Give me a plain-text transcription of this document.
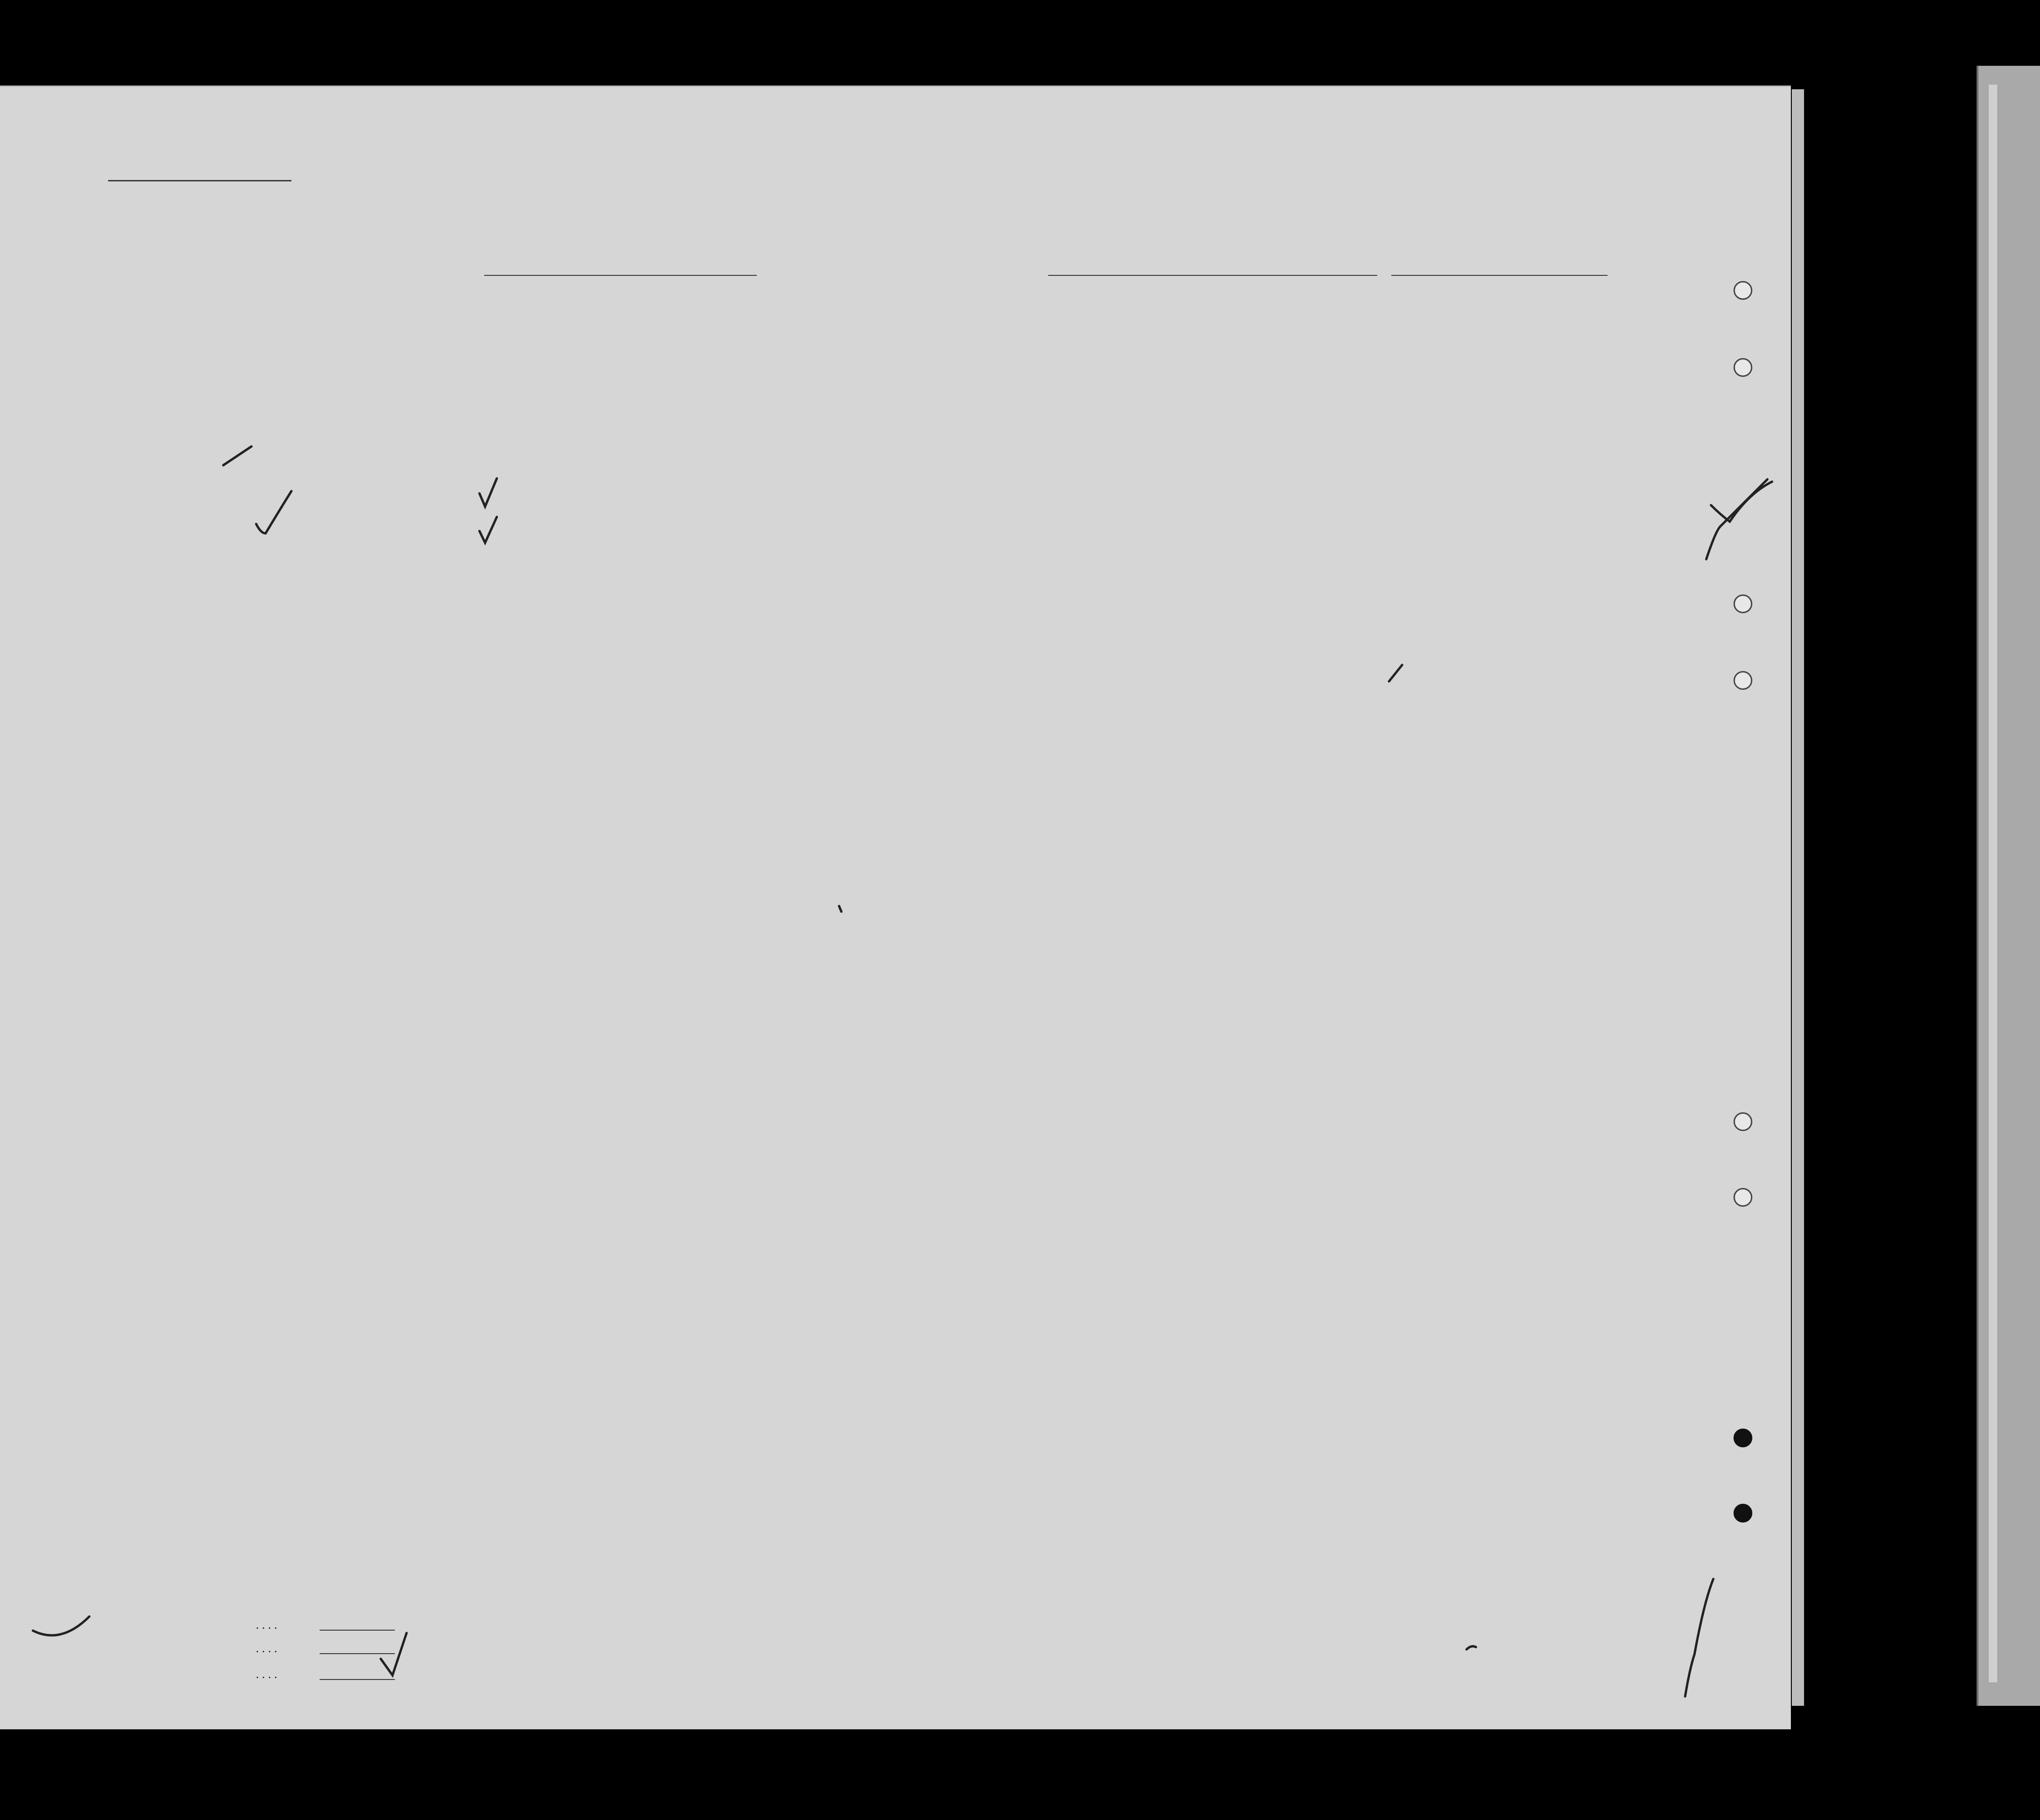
....
....
....
